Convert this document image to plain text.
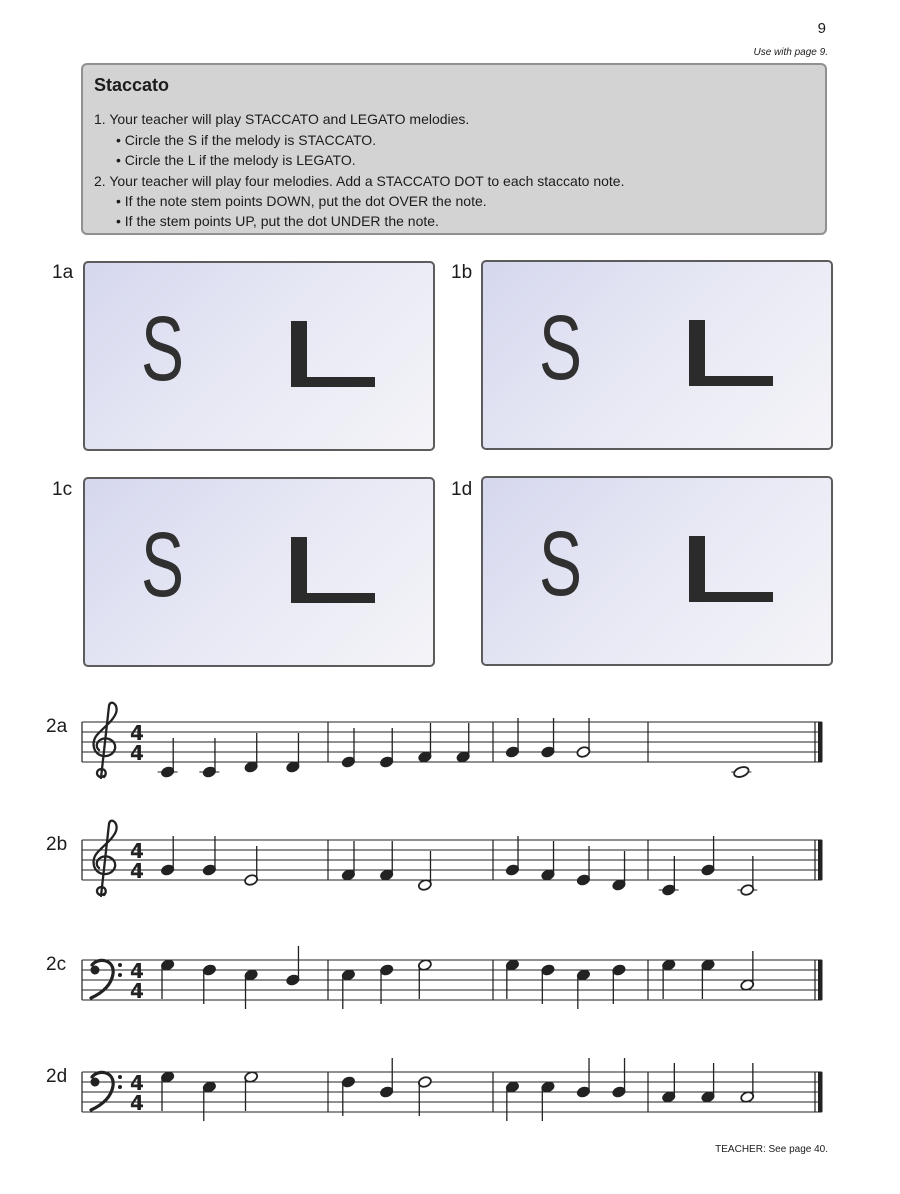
9
Use with page 9.
Staccato
1. Your teacher will play STACCATO and LEGATO melodies.
• Circle the S if the melody is STACCATO.
• Circle the L if the melody is LEGATO.
2. Your teacher will play four melodies. Add a STACCATO DOT to each staccato note.
• If the note stem points DOWN, put the dot OVER the note.
• If the stem points UP, put the dot UNDER the note.
1a
S
1b
S
1c
S
1d
S
2a	4
4
2b	4
4
2c	4
4
2d	4
4
TEACHER: See page 40.
